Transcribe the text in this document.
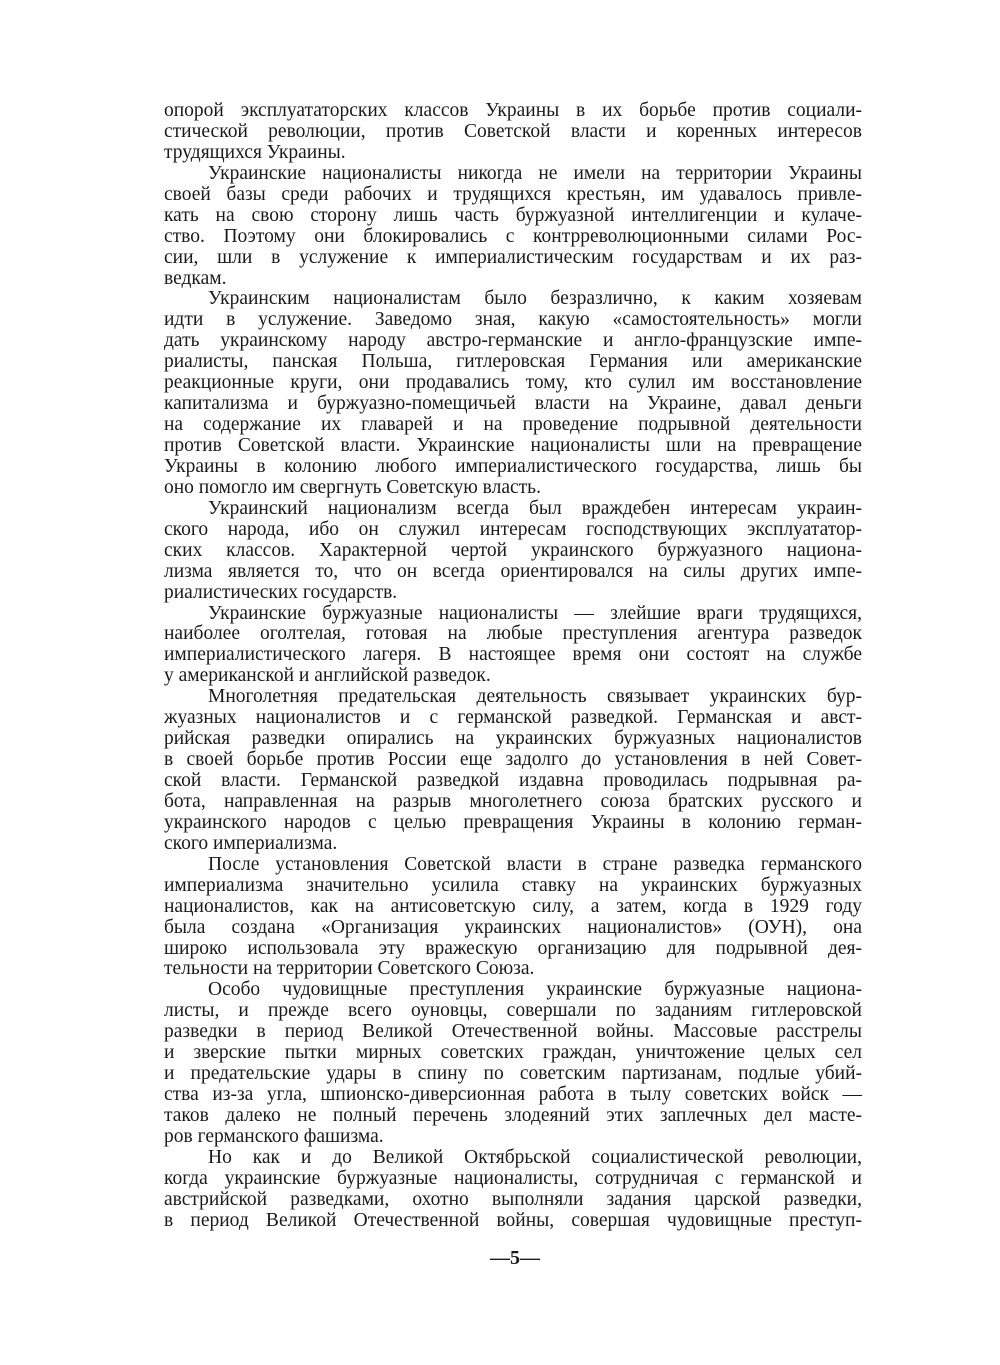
опорой эксплуататорских классов Украины в их борьбе против социали-
стической революции, против Советской власти и коренных интересов
трудящихся Украины.
Украинские националисты никогда не имели на территории Украины
своей базы среди рабочих и трудящихся крестьян, им удавалось привле-
кать на свою сторону лишь часть буржуазной интеллигенции и кулаче-
ство. Поэтому они блокировались с контрреволюционными силами Рос-
сии, шли в услужение к империалистическим государствам и их раз-
ведкам.
Украинским националистам было безразлично, к каким хозяевам
идти в услужение. Заведомо зная, какую «самостоятельность» могли
дать украинскому народу австро-германские и англо-французские импе-
риалисты, панская Польша, гитлеровская Германия или американские
реакционные круги, они продавались тому, кто сулил им восстановление
капитализма и буржуазно-помещичьей власти на Украине, давал деньги
на содержание их главарей и на проведение подрывной деятельности
против Советской власти. Украинские националисты шли на превращение
Украины в колонию любого империалистического государства, лишь бы
оно помогло им свергнуть Советскую власть.
Украинский национализм всегда был враждебен интересам украин-
ского народа, ибо он служил интересам господствующих эксплуататор-
ских классов. Характерной чертой украинского буржуазного национа-
лизма является то, что он всегда ориентировался на силы других импе-
риалистических государств.
Украинские буржуазные националисты — злейшие враги трудящихся,
наиболее оголтелая, готовая на любые преступления агентура разведок
империалистического лагеря. В настоящее время они состоят на службе
у американской и английской разведок.
Многолетняя предательская деятельность связывает украинских бур-
жуазных националистов и с германской разведкой. Германская и авст-
рийская разведки опирались на украинских буржуазных националистов
в своей борьбе против России еще задолго до установления в ней Совет-
ской власти. Германской разведкой издавна проводилась подрывная ра-
бота, направленная на разрыв многолетнего союза братских русского и
украинского народов с целью превращения Украины в колонию герман-
ского империализма.
После установления Советской власти в стране разведка германского
империализма значительно усилила ставку на украинских буржуазных
националистов, как на антисоветскую силу, а затем, когда в 1929 году
была создана «Организация украинских националистов» (ОУН), она
широко использовала эту вражескую организацию для подрывной дея-
тельности на территории Советского Союза.
Особо чудовищные преступления украинские буржуазные национа-
листы, и прежде всего оуновцы, совершали по заданиям гитлеровской
разведки в период Великой Отечественной войны. Массовые расстрелы
и зверские пытки мирных советских граждан, уничтожение целых сел
и предательские удары в спину по советским партизанам, подлые убий-
ства из-за угла, шпионско-диверсионная работа в тылу советских войск —
таков далеко не полный перечень злодеяний этих заплечных дел масте-
ров германского фашизма.
Но как и до Великой Октябрьской социалистической революции,
когда украинские буржуазные националисты, сотрудничая с германской и
австрийской разведками, охотно выполняли задания царской разведки,
в период Великой Отечественной войны, совершая чудовищные преступ-
—5—
